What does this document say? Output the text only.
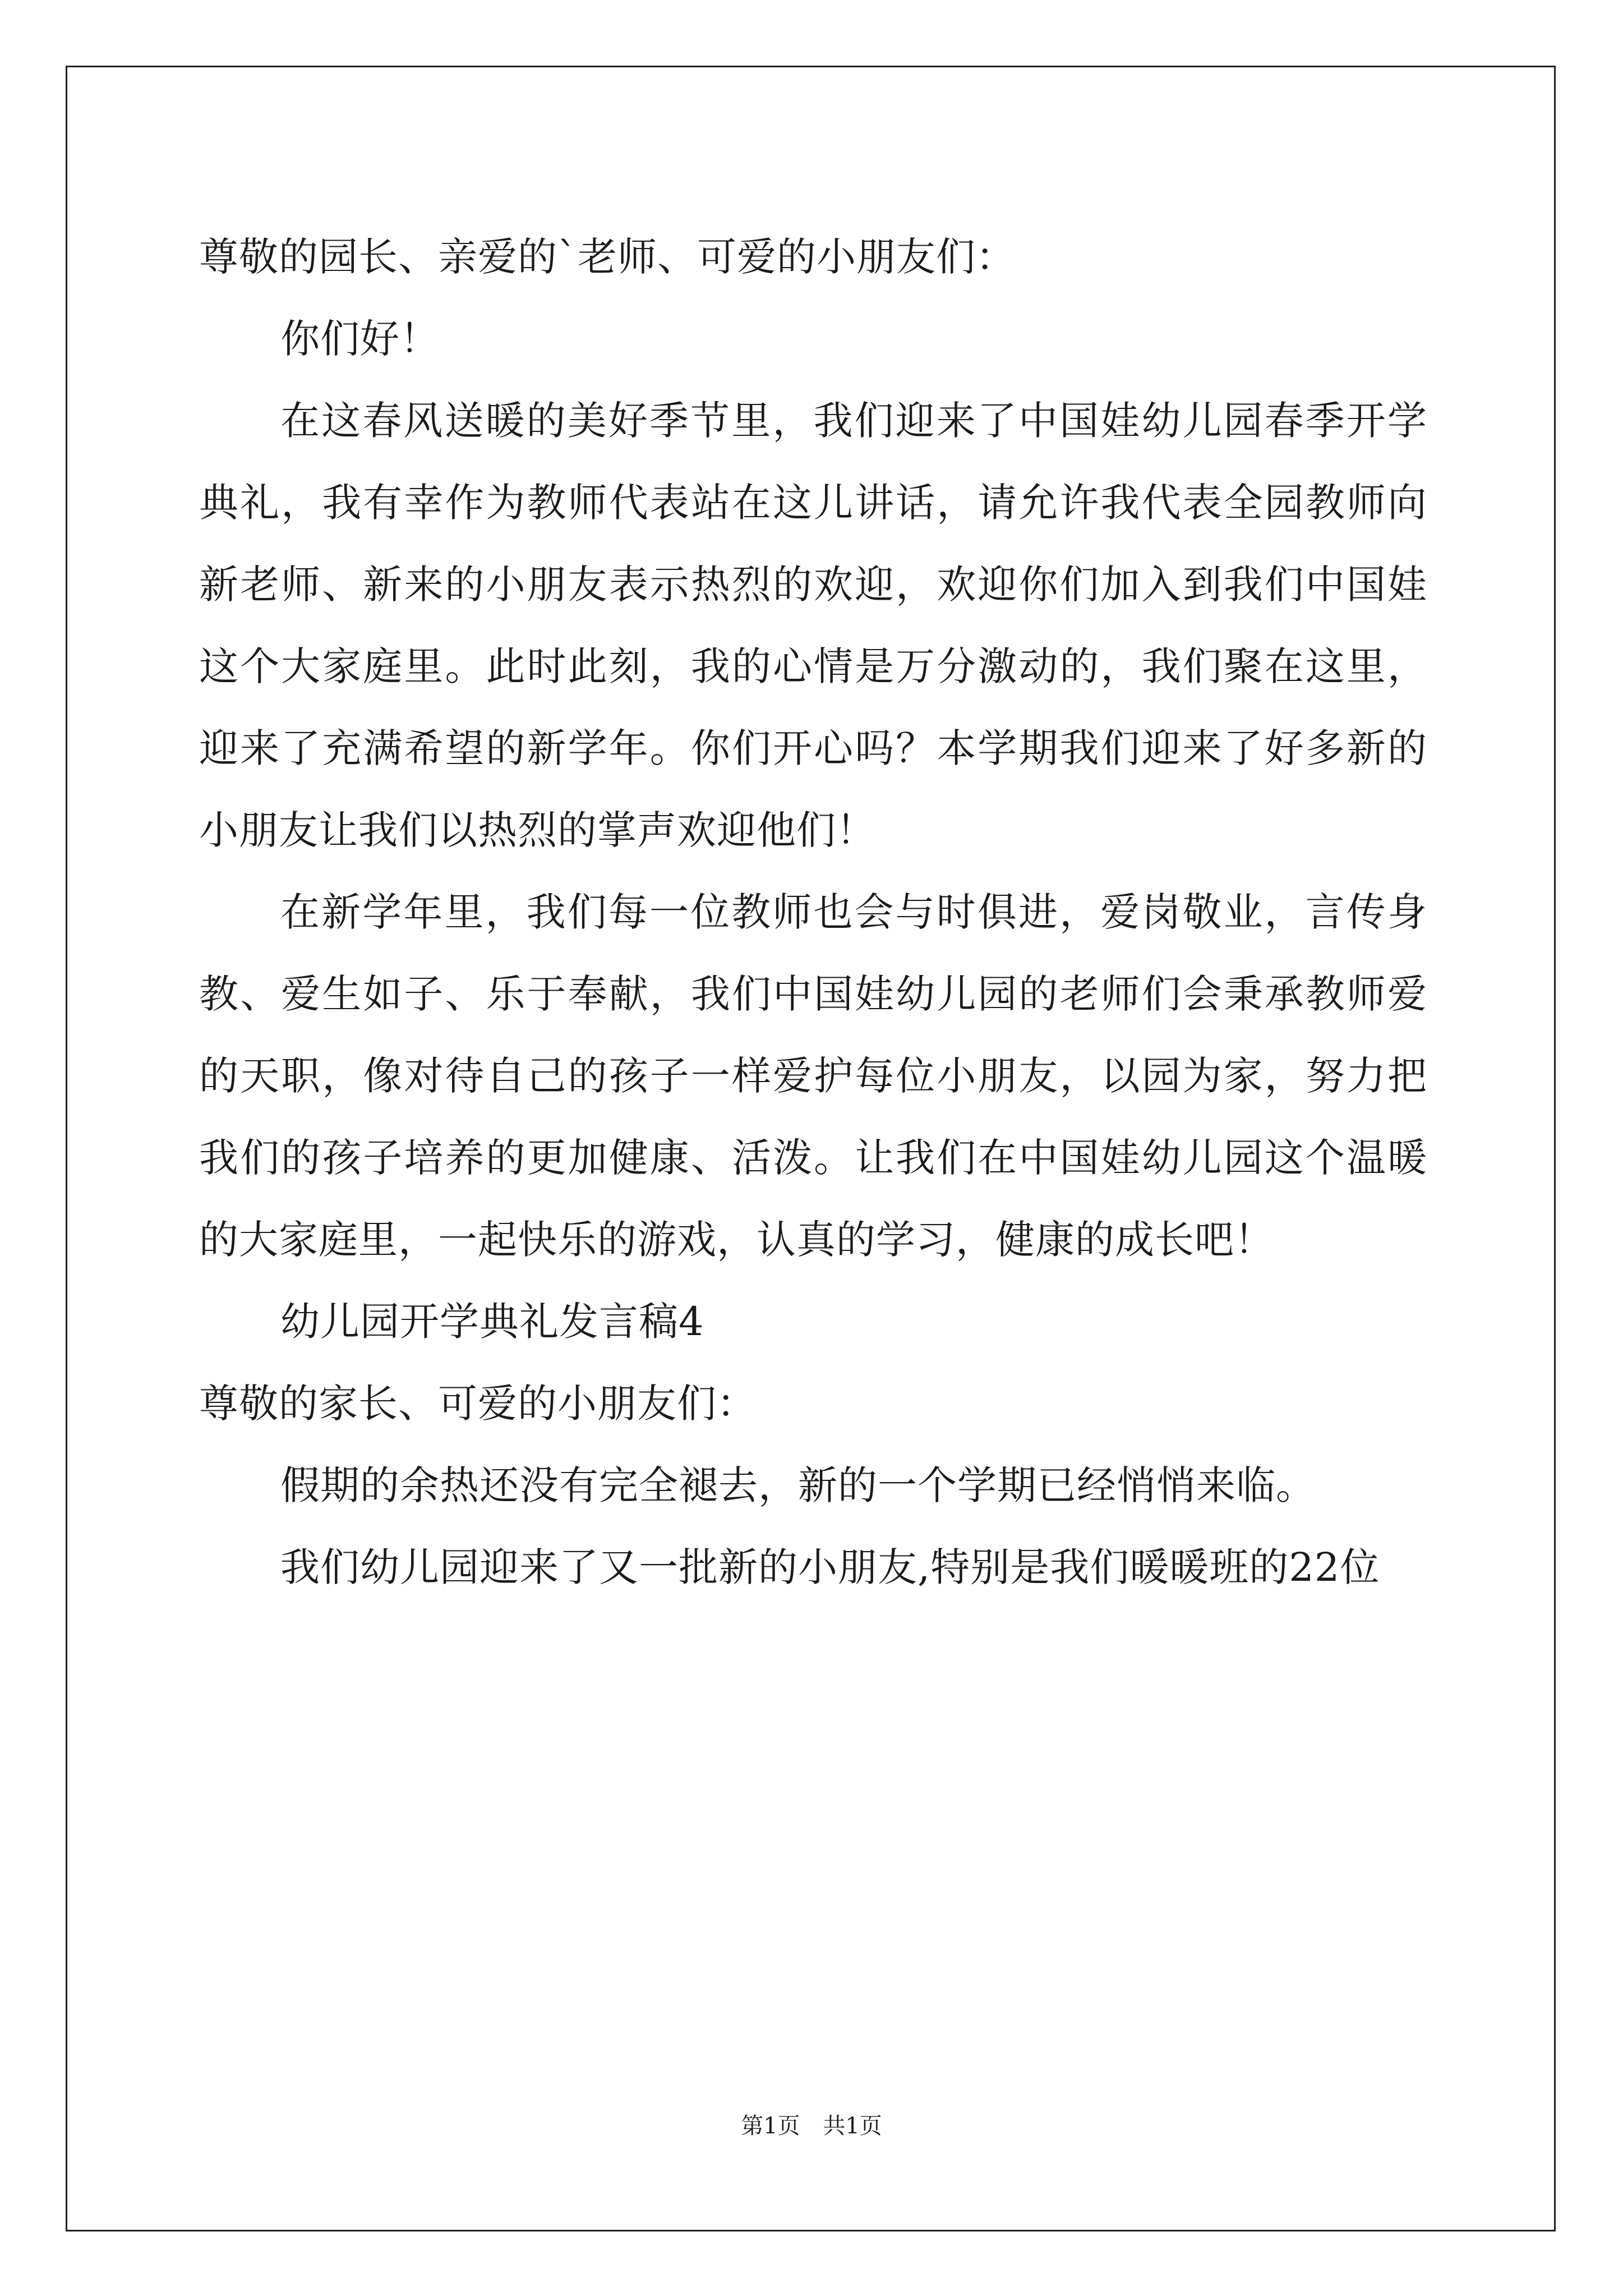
尊敬的园长、亲爱的`老师、可爱的小朋友们：

你们好！

在这春风送暖的美好季节里，我们迎来了中国娃幼儿园春季开学典礼，我有幸作为教师代表站在这儿讲话，请允许我代表全园教师向新老师、新来的小朋友表示热烈的欢迎，欢迎你们加入到我们中国娃这个大家庭里。此时此刻，我的心情是万分激动的，我们聚在这里，迎来了充满希望的新学年。你们开心吗？本学期我们迎来了好多新的小朋友让我们以热烈的掌声欢迎他们！

在新学年里，我们每一位教师也会与时俱进，爱岗敬业，言传身教、爱生如子、乐于奉献，我们中国娃幼儿园的老师们会秉承教师爱的天职，像对待自己的孩子一样爱护每位小朋友，以园为家，努力把我们的孩子培养的更加健康、活泼。让我们在中国娃幼儿园这个温暖的大家庭里，一起快乐的游戏，认真的学习，健康的成长吧！

幼儿园开学典礼发言稿4

尊敬的家长、可爱的小朋友们：

假期的余热还没有完全褪去，新的一个学期已经悄悄来临。

我们幼儿园迎来了又一批新的小朋友,特别是我们暖暖班的22位

第1页 共1页
